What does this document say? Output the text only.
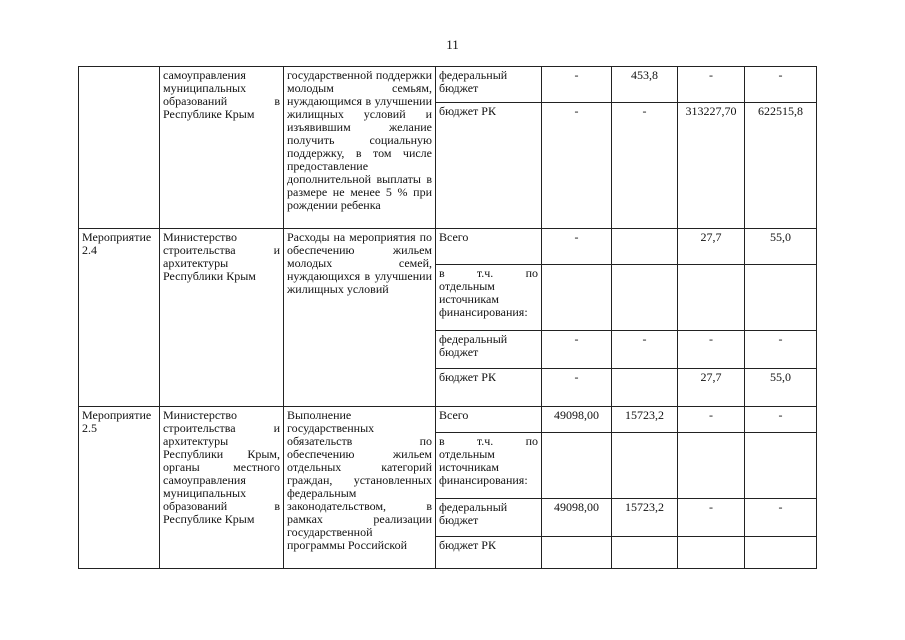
11
	самоуправления муниципальных образований в Республике Крым	государственной поддержки молодым семьям, нуждающимся в улучшении жилищных условий и изъявившим желание получить социальную поддержку, в том числе предоставление дополнительной выплаты в размере не менее 5 % при рождении ребенка	федеральный бюджет	-	453,8	-	-
			бюджет РК	-	-	313227,70	622515,8
Мероприятие 2.4	Министерство строительства и архитектуры Республики Крым	Расходы на мероприятия по обеспечению жильем молодых семей, нуждающихся в улучшении жилищных условий	Всего	-		27,7	55,0
			в т.ч. по отдельным источникам финансирования:				
			федеральный бюджет	-	-	-	-
			бюджет РК	-		27,7	55,0
Мероприятие 2.5	Министерство строительства и архитектуры Республики Крым, органы местного самоуправления муниципальных образований в Республике Крым	Выполнение государственных обязательств по обеспечению жильем отдельных категорий граждан, установленных федеральным законодательством, в рамках реализации государственной программы Российской	Всего	49098,00	15723,2	-	-
			в т.ч. по отдельным источникам финансирования:				
			федеральный бюджет	49098,00	15723,2	-	-
			бюджет РК				
